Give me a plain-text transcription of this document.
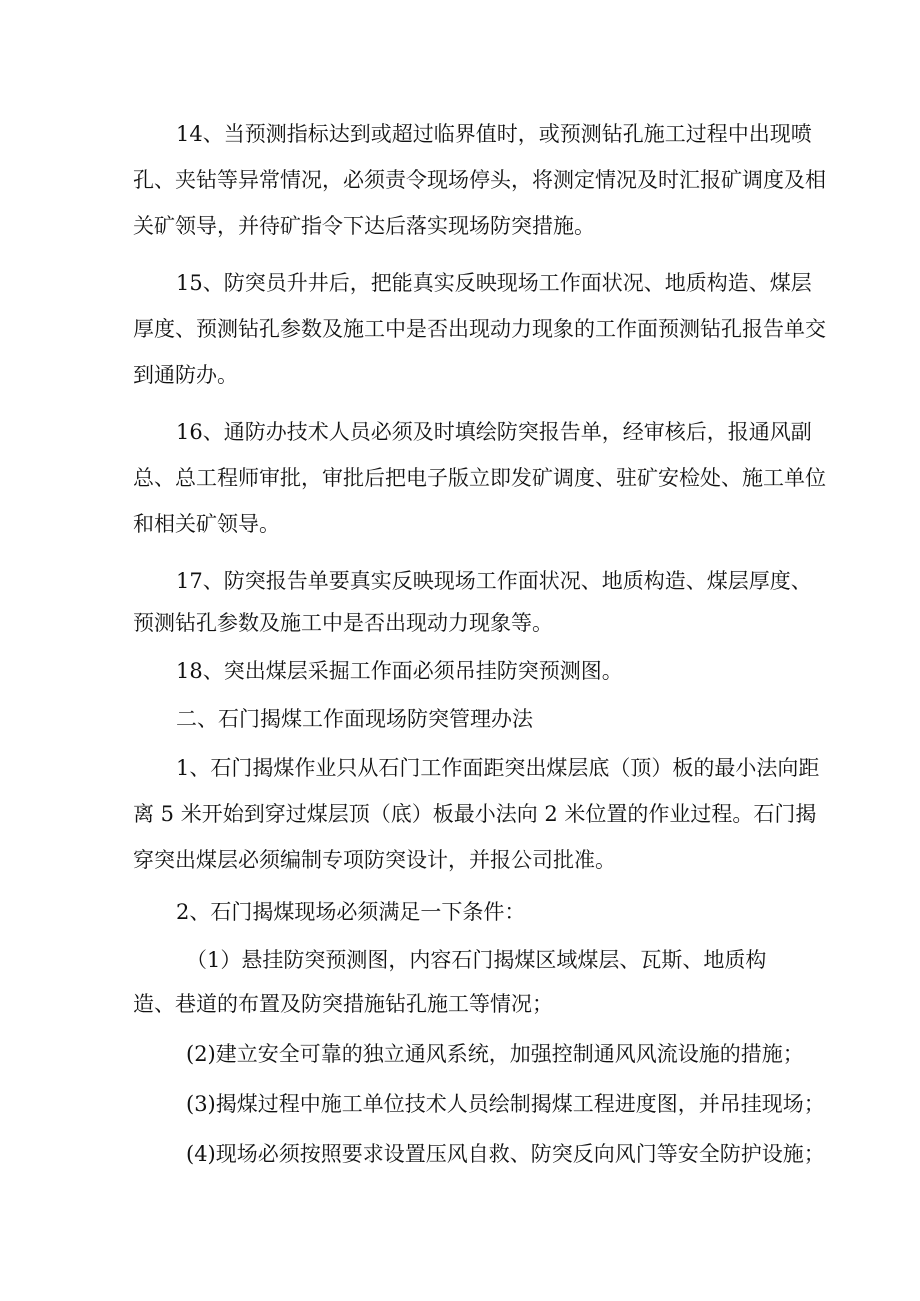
14、当预测指标达到或超过临界值时，或预测钻孔施工过程中出现喷
孔、夹钻等异常情况，必须责令现场停头，将测定情况及时汇报矿调度及相
关矿领导，并待矿指令下达后落实现场防突措施。
15、防突员升井后，把能真实反映现场工作面状况、地质构造、煤层
厚度、预测钻孔参数及施工中是否出现动力现象的工作面预测钻孔报告单交
到通防办。
16、通防办技术人员必须及时填绘防突报告单，经审核后，报通风副
总、总工程师审批，审批后把电子版立即发矿调度、驻矿安检处、施工单位
和相关矿领导。
17、防突报告单要真实反映现场工作面状况、地质构造、煤层厚度、
预测钻孔参数及施工中是否出现动力现象等。
18、突出煤层采掘工作面必须吊挂防突预测图。
二、石门揭煤工作面现场防突管理办法
1、石门揭煤作业只从石门工作面距突出煤层底（顶）板的最小法向距
离 5 米开始到穿过煤层顶（底）板最小法向 2 米位置的作业过程。石门揭
穿突出煤层必须编制专项防突设计，并报公司批准。
2、石门揭煤现场必须满足一下条件：
（1）悬挂防突预测图，内容石门揭煤区域煤层、瓦斯、地质构
造、巷道的布置及防突措施钻孔施工等情况；
(2)建立安全可靠的独立通风系统，加强控制通风风流设施的措施；
(3)揭煤过程中施工单位技术人员绘制揭煤工程进度图，并吊挂现场；
(4)现场必须按照要求设置压风自救、防突反向风门等安全防护设施；
